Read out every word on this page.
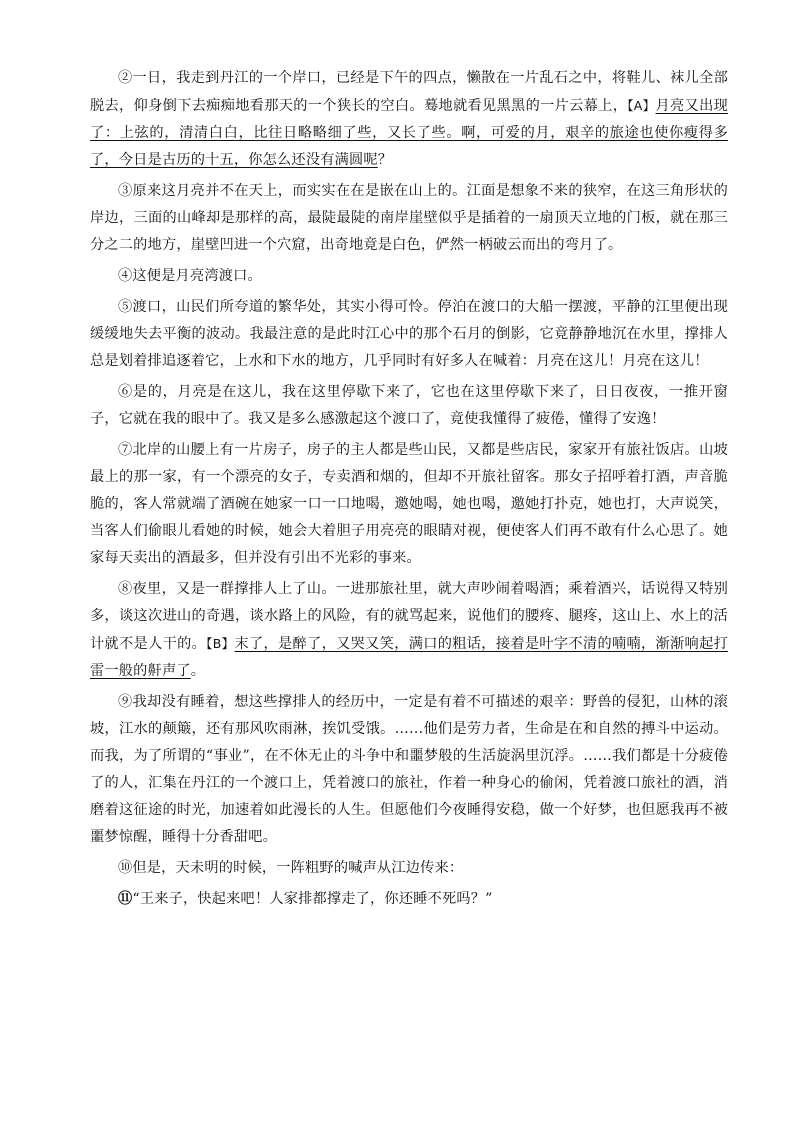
②一日，我走到丹江的一个岸口，已经是下午的四点，懒散在一片乱石之中，将鞋儿、袜儿全部脱去，仰身倒下去痴痴地看那天的一个狭长的空白。蓦地就看见黑黑的一片云幕上，【A】月亮又出现了：上弦的，清清白白，比往日略略细了些，又长了些。啊，可爱的月，艰辛的旅途也使你瘦得多了，今日是古历的十五，你怎么还没有满圆呢？

③原来这月亮并不在天上，而实实在在是嵌在山上的。江面是想象不来的狭窄，在这三角形状的岸边，三面的山峰却是那样的高，最陡最陡的南岸崖壁似乎是插着的一扇顶天立地的门板，就在那三分之二的地方，崖壁凹进一个穴窟，出奇地竟是白色，俨然一柄破云而出的弯月了。

④这便是月亮湾渡口。

⑤渡口，山民们所夸道的繁华处，其实小得可怜。停泊在渡口的大船一摆渡，平静的江里便出现缓缓地失去平衡的波动。我最注意的是此时江心中的那个石月的倒影，它竟静静地沉在水里，撑排人总是划着排追逐着它，上水和下水的地方，几乎同时有好多人在喊着：月亮在这儿！月亮在这儿！

⑥是的，月亮是在这儿，我在这里停歇下来了，它也在这里停歇下来了，日日夜夜，一推开窗子，它就在我的眼中了。我又是多么感激起这个渡口了，竟使我懂得了疲倦，懂得了安逸！

⑦北岸的山腰上有一片房子，房子的主人都是些山民，又都是些店民，家家开有旅社饭店。山坡最上的那一家，有一个漂亮的女子，专卖酒和烟的，但却不开旅社留客。那女子招呼着打酒，声音脆脆的，客人常就端了酒碗在她家一口一口地喝，邀她喝，她也喝，邀她打扑克，她也打，大声说笑，当客人们偷眼儿看她的时候，她会大着胆子用亮亮的眼睛对视，便使客人们再不敢有什么心思了。她家每天卖出的酒最多，但并没有引出不光彩的事来。

⑧夜里，又是一群撑排人上了山。一进那旅社里，就大声吵闹着喝酒；乘着酒兴，话说得又特别多，谈这次进山的奇遇，谈水路上的风险，有的就骂起来，说他们的腰疼、腿疼，这山上、水上的活计就不是人干的。【B】末了，是醉了，又哭又笑，满口的粗话，接着是叶字不清的喃喃，渐渐响起打雷一般的鼾声了。

⑨我却没有睡着，想这些撑排人的经历中，一定是有着不可描述的艰辛：野兽的侵犯，山林的滚坡，江水的颠簸，还有那风吹雨淋，挨饥受饿。……他们是劳力者，生命是在和自然的搏斗中运动。而我，为了所谓的“事业”，在不休无止的斗争中和噩梦般的生活旋涡里沉浮。……我们都是十分疲倦了的人，汇集在丹江的一个渡口上，凭着渡口的旅社，作着一种身心的偷闲，凭着渡口旅社的酒，消磨着这征途的时光，加速着如此漫长的人生。但愿他们今夜睡得安稳，做一个好梦，也但愿我再不被噩梦惊醒，睡得十分香甜吧。

⑩但是，天未明的时候，一阵粗野的喊声从江边传来：

⑪“王来子，快起来吧！人家排都撑走了，你还睡不死吗？”
